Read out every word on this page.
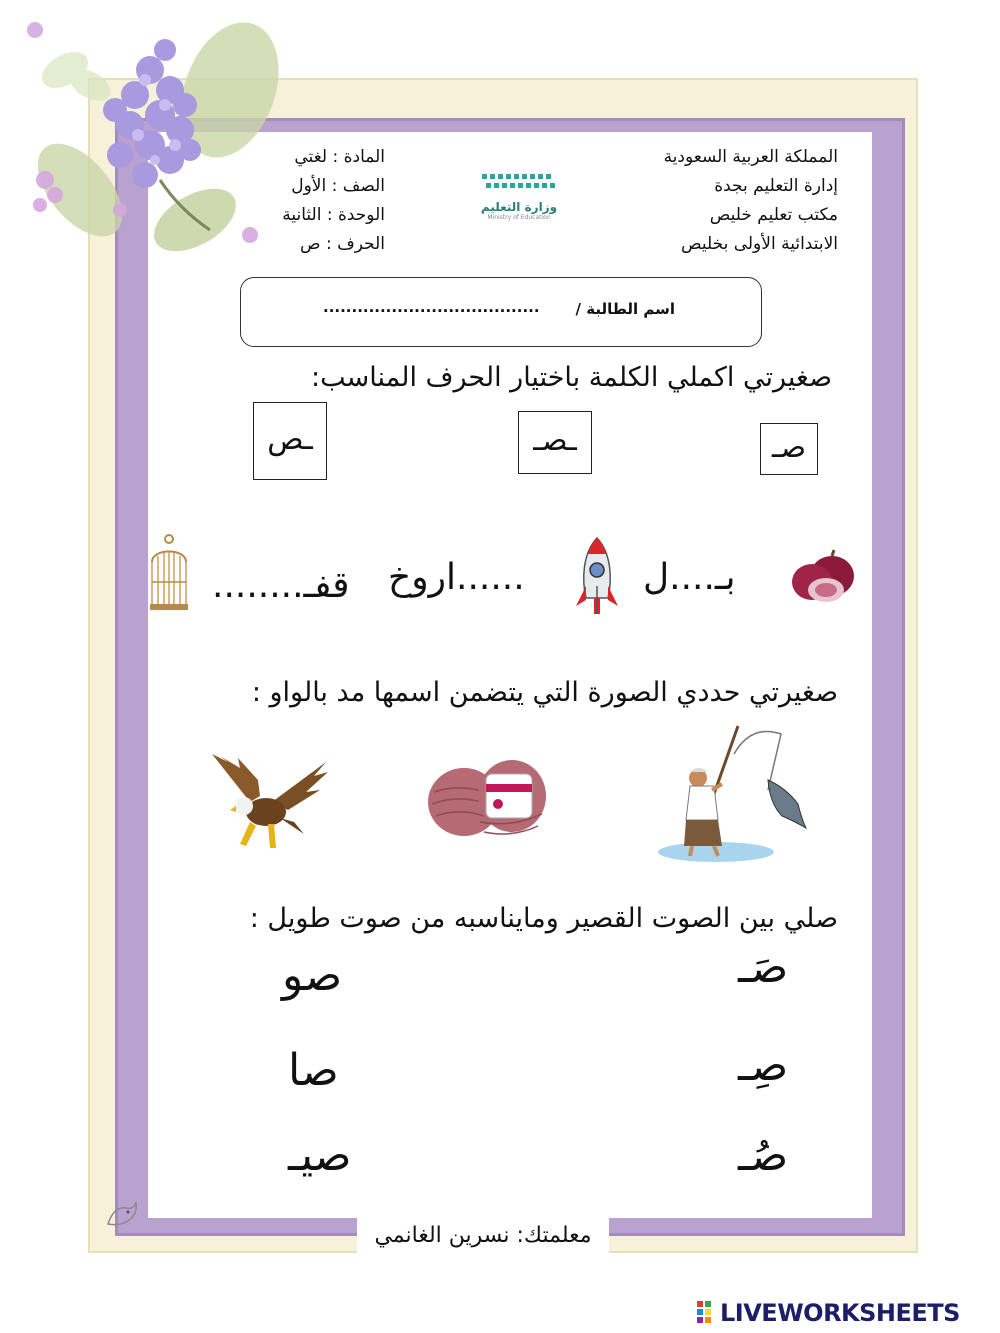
المملكة العربية السعودية
إدارة التعليم بجدة
مكتب تعليم خليص
الابتدائية الأولى بخليص
المادة : لغتي
الصف : الأول
الوحدة : الثانية
الحرف : ص
وزارة التعليم
Ministry of Education
اسم الطالبة /
......................................
صغيرتي اكملي الكلمة باختيار الحرف المناسب:
صـ
ـصـ
ـص
بـ....ل
......اروخ
قفـ........
صغيرتي حددي الصورة التي يتضمن اسمها مد بالواو :
صلي بين الصوت القصير ومايناسبه من صوت طويل :
صَـ
صِـ
صُـ
صو
صا
صيـ
معلمتك: نسرين الغانمي
LIVEWORKSHEETS
